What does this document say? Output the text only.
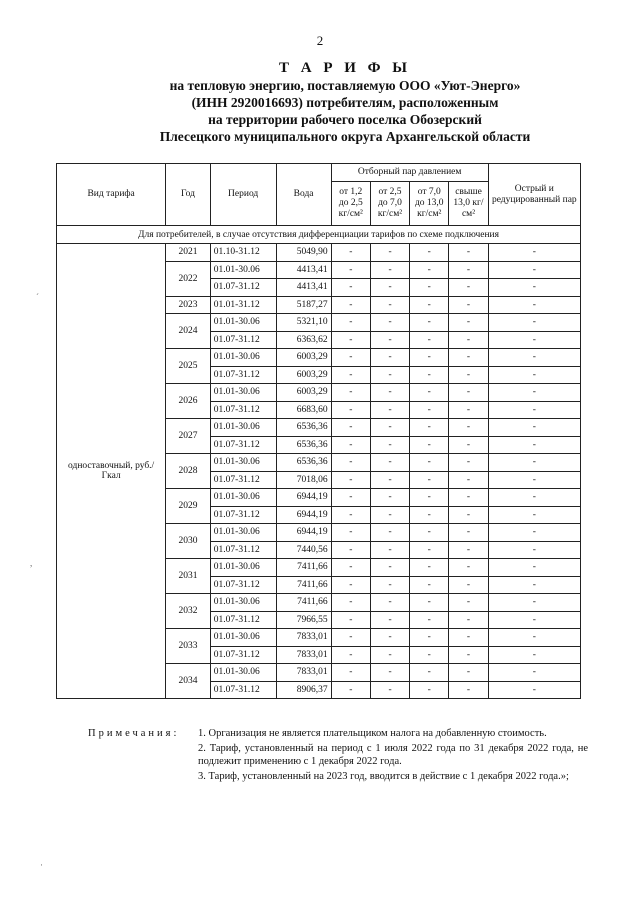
2
Т А Р И Ф Ы
на тепловую энергию, поставляемую ООО «Уют-Энерго»
(ИНН 2920016693) потребителям, расположенным
на территории рабочего поселка Обозерский
Плесецкого муниципального округа Архангельской области
Вид тарифа	Год	Период	Вода	Отборный пар давлением				Острый и редуцированный пар
				от 1,2 до 2,5 кг/см²	от 2,5 до 7,0 кг/см²	от 7,0 до 13,0 кг/см²	свыше 13,0 кг/см²	
Для потребителей, в случае отсутствия дифференциации тарифов по схеме подключения								
одноставочный, руб./Гкал	2021	01.10-31.12	5049,90	-	-	-	-	-
	2022	01.01-30.06	4413,41	-	-	-	-	-
		01.07-31.12	4413,41	-	-	-	-	-
	2023	01.01-31.12	5187,27	-	-	-	-	-
	2024	01.01-30.06	5321,10	-	-	-	-	-
		01.07-31.12	6363,62	-	-	-	-	-
	2025	01.01-30.06	6003,29	-	-	-	-	-
		01.07-31.12	6003,29	-	-	-	-	-
	2026	01.01-30.06	6003,29	-	-	-	-	-
		01.07-31.12	6683,60	-	-	-	-	-
	2027	01.01-30.06	6536,36	-	-	-	-	-
		01.07-31.12	6536,36	-	-	-	-	-
	2028	01.01-30.06	6536,36	-	-	-	-	-
		01.07-31.12	7018,06	-	-	-	-	-
	2029	01.01-30.06	6944,19	-	-	-	-	-
		01.07-31.12	6944,19	-	-	-	-	-
	2030	01.01-30.06	6944,19	-	-	-	-	-
		01.07-31.12	7440,56	-	-	-	-	-
	2031	01.01-30.06	7411,66	-	-	-	-	-
		01.07-31.12	7411,66	-	-	-	-	-
	2032	01.01-30.06	7411,66	-	-	-	-	-
		01.07-31.12	7966,55	-	-	-	-	-
	2033	01.01-30.06	7833,01	-	-	-	-	-
		01.07-31.12	7833,01	-	-	-	-	-
	2034	01.01-30.06	7833,01	-	-	-	-	-
		01.07-31.12	8906,37	-	-	-	-	-
Примечания: 1. Организация не является плательщиком налога на добавленную стоимость.

2. Тариф, установленный на период с 1 июля 2022 года по 31 декабря 2022 года, не подлежит применению с 1 декабря 2022 года.

3. Тариф, установленный на 2023 год, вводится в действие с 1 декабря 2022 года.»;

´
,
·
